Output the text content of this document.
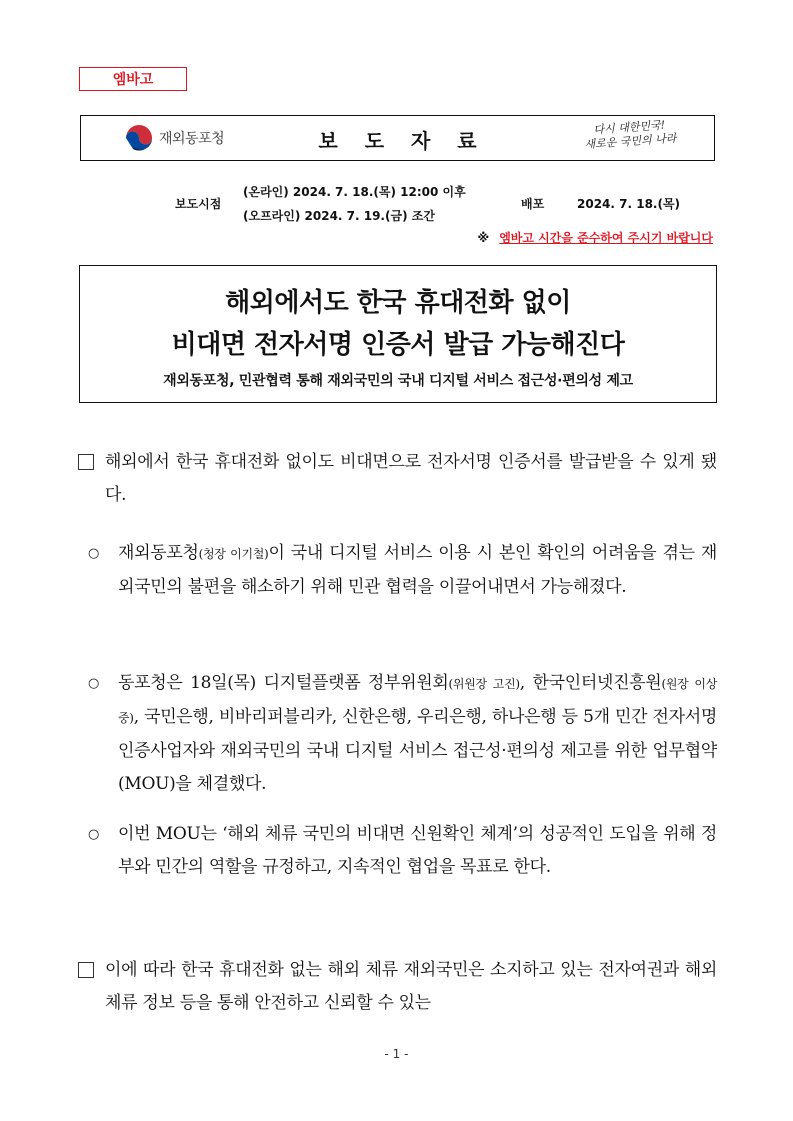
엠바고
재외동포청	보 도 자 료
다시 대한민국!
새로운 국민의 나라
보도시점
(온라인) 2024. 7. 18.(목) 12:00 이후
(오프라인) 2024. 7. 19.(금) 조간
배포	2024. 7. 18.(목)
※ 엠바고 시간을 준수하여 주시기 바랍니다
해외에서도 한국 휴대전화 없이
비대면 전자서명 인증서 발급 가능해진다
재외동포청, 민관협력 통해 재외국민의 국내 디지털 서비스 접근성·편의성 제고
해외에서 한국 휴대전화 없이도 비대면으로 전자서명 인증서를 발급받을 수 있게 됐다.
○ 재외동포청(청장 이기철)이 국내 디지털 서비스 이용 시 본인 확인의 어려움을 겪는 재외국민의 불편을 해소하기 위해 민관 협력을 이끌어내면서 가능해졌다.
○ 동포청은 18일(목) 디지털플랫폼 정부위원회(위원장 고진), 한국인터넷진흥원(원장 이상중), 국민은행, 비바리퍼블리카, 신한은행, 우리은행, 하나은행 등 5개 민간 전자서명 인증사업자와 재외국민의 국내 디지털 서비스 접근성·편의성 제고를 위한 업무협약(MOU)을 체결했다.
○ 이번 MOU는 ‘해외 체류 국민의 비대면 신원확인 체계’의 성공적인 도입을 위해 정부와 민간의 역할을 규정하고, 지속적인 협업을 목표로 한다.
이에 따라 한국 휴대전화 없는 해외 체류 재외국민은 소지하고 있는 전자여권과 해외 체류 정보 등을 통해 안전하고 신뢰할 수 있는
- 1 -
